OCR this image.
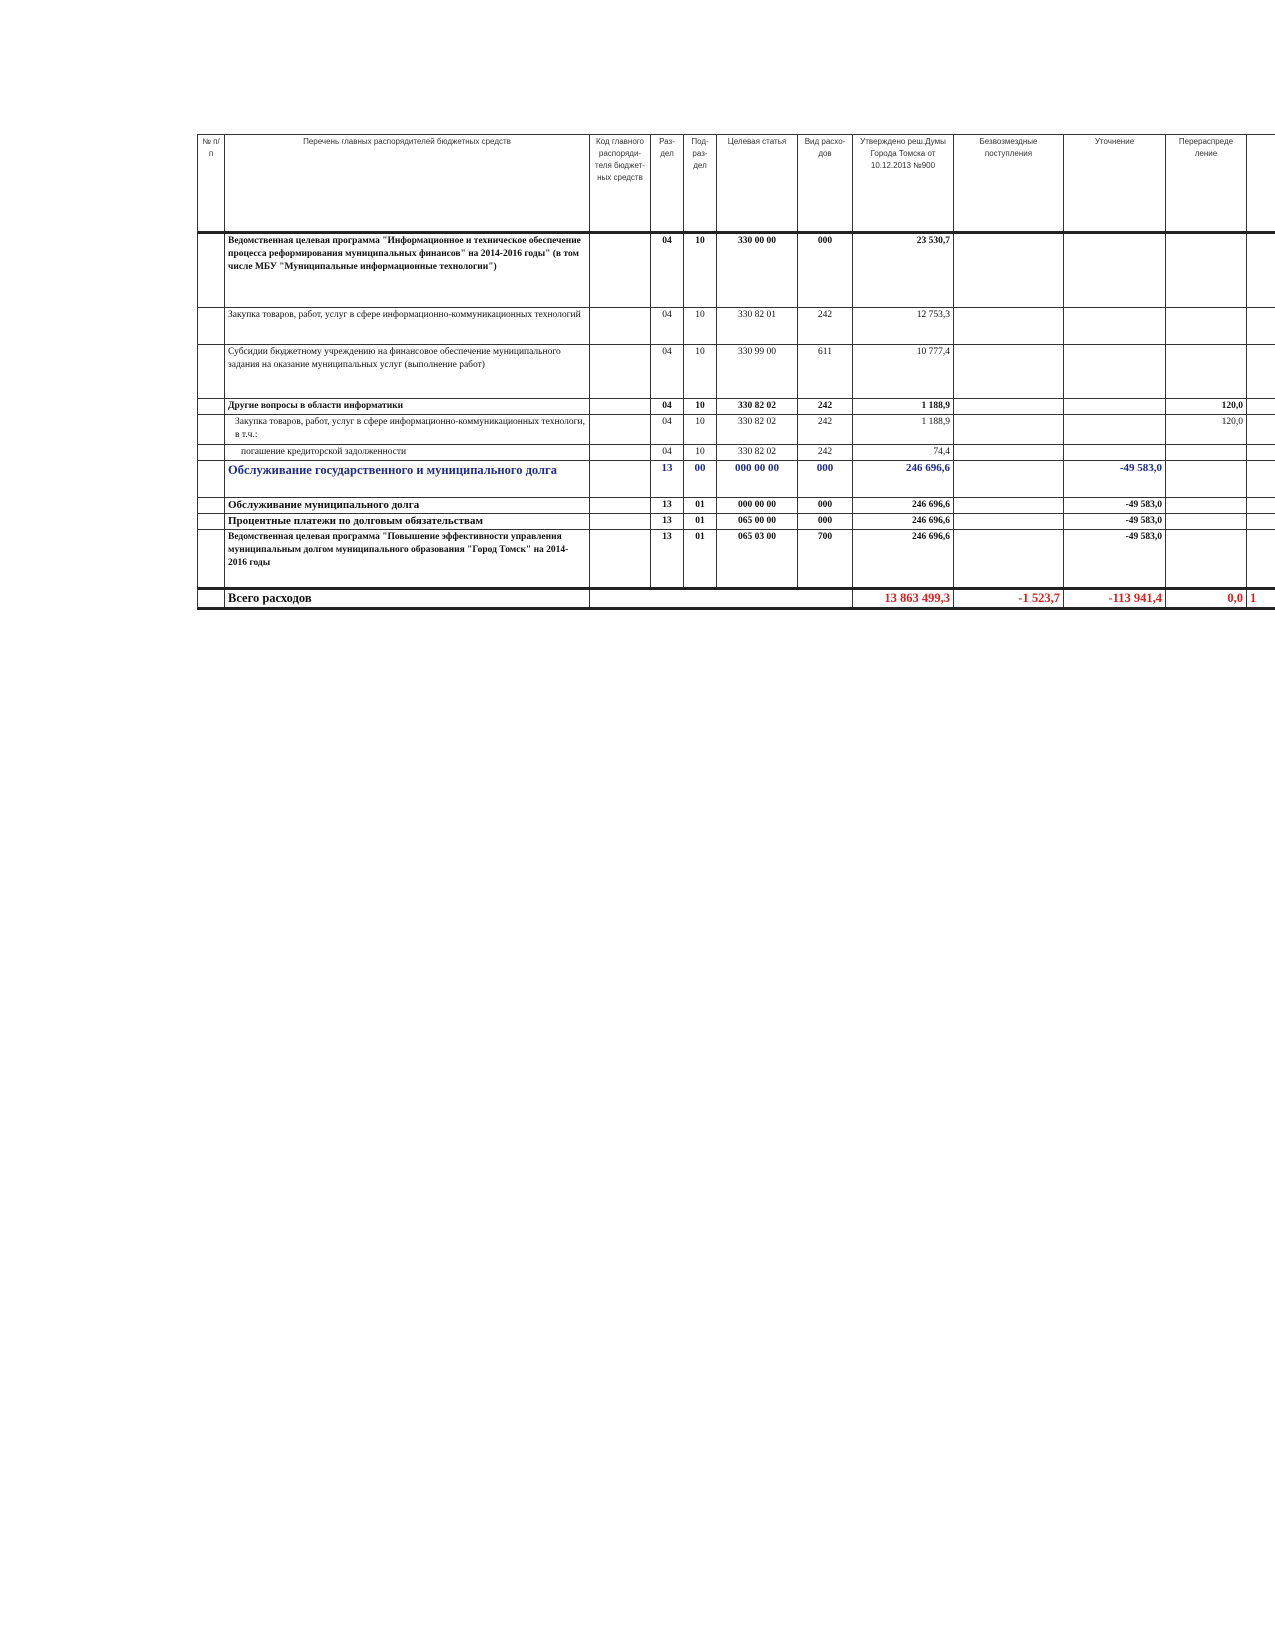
№ п/п	Перечень главных распорядителей бюджетных средств	Код главного распоряди-теля бюджет-ных средств	Раз-дел	Под-раз-дел	Целевая статья	Вид расхо-дов	Утверждено реш.Думы Города Томска от 10.12.2013 №900	Безвозмездные поступления	Уточнение	Перераспреде ление	
	Ведомственная целевая программа "Информационное и техническое обеспечение процесса реформирования муниципальных финансов" на 2014-2016 годы" (в том числе МБУ "Муниципальные информационные технологии")		04	10	330 00 00	000	23 530,7				
	Закупка товаров, работ, услуг в сфере информационно-коммуникационных технологий		04	10	330 82 01	242	12 753,3				
	Субсидии бюджетному учреждению на финансовое обеспечение муниципального задания на оказание муниципальных услуг (выполнение работ)		04	10	330 99 00	611	10 777,4				
	Другие вопросы в области информатики		04	10	330 82 02	242	1 188,9			120,0	
	Закупка товаров, работ, услуг в сфере информационно-коммуникационных технологи, в т.ч.:		04	10	330 82 02	242	1 188,9			120,0	
	погашение кредиторской задолженности		04	10	330 82 02	242	74,4				
	Обслуживание государственного и муниципального долга		13	00	000 00 00	000	246 696,6		-49 583,0		
	Обслуживание муниципального долга		13	01	000 00 00	000	246 696,6		-49 583,0		
	Процентные платежи по долговым обязательствам		13	01	065 00 00	000	246 696,6		-49 583,0		
	Ведомственная целевая программа "Повышение эффективности управления муниципальным долгом муниципального образования "Город Томск" на 2014-2016 годы		13	01	065 03 00	700	246 696,6		-49 583,0		
	Всего расходов						13 863 499,3	-1 523,7	-113 941,4	0,0	1
